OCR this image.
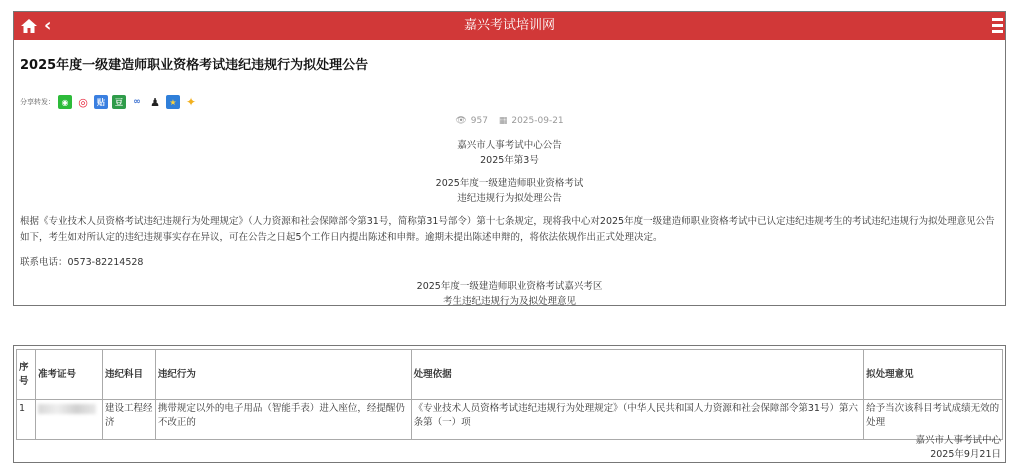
‹	嘉兴考试培训网
2025年度一级建造师职业资格考试违纪违规行为拟处理公告
分享转发： ◉ ◎	贴	豆	∞ ♟	★ ✦
👁 957 ▦ 2025-09-21
嘉兴市人事考试中心公告
2025年第3号
2025年度一级建造师职业资格考试
违纪违规行为拟处理公告
根据《专业技术人员资格考试违纪违规行为处理规定》（人力资源和社会保障部令第31号，简称第31号部令）第十七条规定，现将我中心对2025年度一级建造师职业资格考试中已认定违纪违规考生的考试违纪违规行为拟处理意见公告如下，考生如对所认定的违纪违规事实存在异议，可在公告之日起5个工作日内提出陈述和申辩。逾期未提出陈述申辩的，将依法依规作出正式处理决定。
联系电话：0573-82214528
2025年度一级建造师职业资格考试嘉兴考区
考生违纪违规行为及拟处理意见
序号	准考证号	违纪科目	违纪行为	处理依据	拟处理意见
1		建设工程经济	携带规定以外的电子用品（智能手表）进入座位，经提醒仍不改正的	《专业技术人员资格考试违纪违规行为处理规定》（中华人民共和国人力资源和社会保障部令第31号）第六条第（一）项	给予当次该科目考试成绩无效的处理
嘉兴市人事考试中心
2025年9月21日
